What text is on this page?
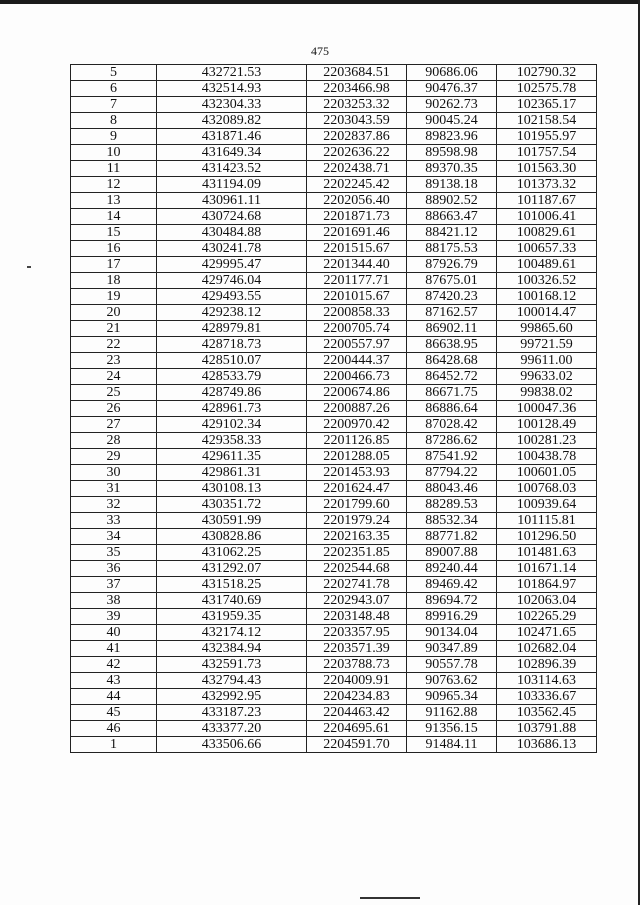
475
5	432721.53	2203684.51	90686.06	102790.32
6	432514.93	2203466.98	90476.37	102575.78
7	432304.33	2203253.32	90262.73	102365.17
8	432089.82	2203043.59	90045.24	102158.54
9	431871.46	2202837.86	89823.96	101955.97
10	431649.34	2202636.22	89598.98	101757.54
11	431423.52	2202438.71	89370.35	101563.30
12	431194.09	2202245.42	89138.18	101373.32
13	430961.11	2202056.40	88902.52	101187.67
14	430724.68	2201871.73	88663.47	101006.41
15	430484.88	2201691.46	88421.12	100829.61
16	430241.78	2201515.67	88175.53	100657.33
17	429995.47	2201344.40	87926.79	100489.61
18	429746.04	2201177.71	87675.01	100326.52
19	429493.55	2201015.67	87420.23	100168.12
20	429238.12	2200858.33	87162.57	100014.47
21	428979.81	2200705.74	86902.11	99865.60
22	428718.73	2200557.97	86638.95	99721.59
23	428510.07	2200444.37	86428.68	99611.00
24	428533.79	2200466.73	86452.72	99633.02
25	428749.86	2200674.86	86671.75	99838.02
26	428961.73	2200887.26	86886.64	100047.36
27	429102.34	2200970.42	87028.42	100128.49
28	429358.33	2201126.85	87286.62	100281.23
29	429611.35	2201288.05	87541.92	100438.78
30	429861.31	2201453.93	87794.22	100601.05
31	430108.13	2201624.47	88043.46	100768.03
32	430351.72	2201799.60	88289.53	100939.64
33	430591.99	2201979.24	88532.34	101115.81
34	430828.86	2202163.35	88771.82	101296.50
35	431062.25	2202351.85	89007.88	101481.63
36	431292.07	2202544.68	89240.44	101671.14
37	431518.25	2202741.78	89469.42	101864.97
38	431740.69	2202943.07	89694.72	102063.04
39	431959.35	2203148.48	89916.29	102265.29
40	432174.12	2203357.95	90134.04	102471.65
41	432384.94	2203571.39	90347.89	102682.04
42	432591.73	2203788.73	90557.78	102896.39
43	432794.43	2204009.91	90763.62	103114.63
44	432992.95	2204234.83	90965.34	103336.67
45	433187.23	2204463.42	91162.88	103562.45
46	433377.20	2204695.61	91356.15	103791.88
1	433506.66	2204591.70	91484.11	103686.13
